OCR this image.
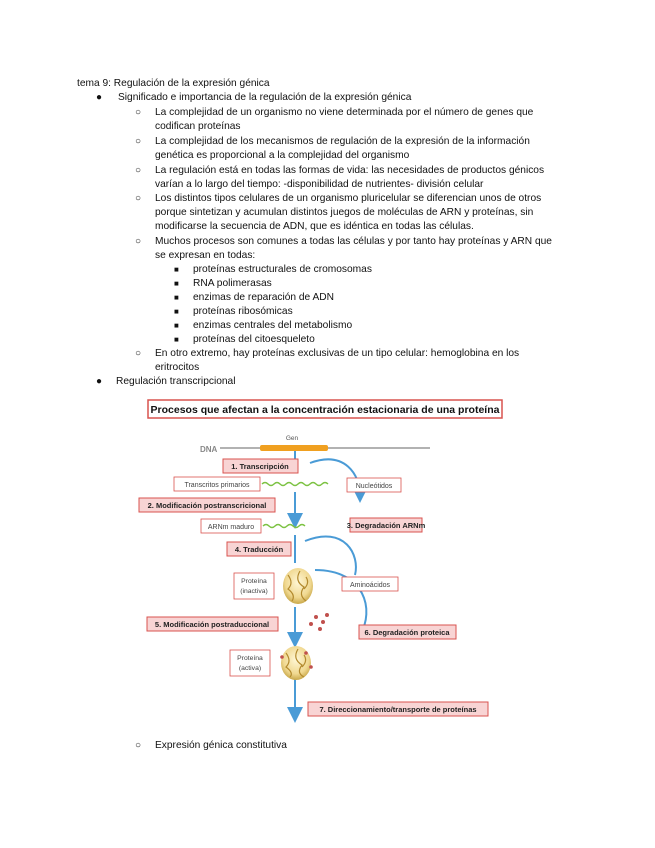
tema 9: Regulación de la expresión génica
● Significado e importancia de la regulación de la expresión génica
○ La complejidad de un organismo no viene determinada por el número de genes que
codifican proteínas
○ La complejidad de los mecanismos de regulación de la expresión de la información
genética es proporcional a la complejidad del organismo
○ La regulación está en todas las formas de vida: las necesidades de productos génicos
varían a lo largo del tiempo: -disponibilidad de nutrientes- división celular
○ Los distintos tipos celulares de un organismo pluricelular se diferencian unos de otros
porque sintetizan y acumulan distintos juegos de moléculas de ARN y proteínas, sin
modificarse la secuencia de ADN, que es idéntica en todas las células.
○ Muchos procesos son comunes a todas las células y por tanto hay proteínas y ARN que
se expresan en todas:
■ proteínas estructurales de cromosomas
■ RNA polimerasas
■ enzimas de reparación de ADN
■ proteínas ribosómicas
■ enzimas centrales del metabolismo
■ proteínas del citoesqueleto
○ En otro extremo, hay proteínas exclusivas de un tipo celular: hemoglobina en los
eritrocitos
● Regulación transcripcional
Procesos que afectan a la concentración estacionaria de una proteína
DNA
Gen
1. Transcripción
Transcritos primarios	Nucleótidos
2. Modificación postranscricional
ARNm maduro	3. Degradación ARNm
4. Traducción
Proteína
(inactiva)
Aminoácidos
5. Modificación postraduccional
6. Degradación proteica
Proteína
(activa)
7. Direccionamiento/transporte de proteínas
○ Expresión génica constitutiva
